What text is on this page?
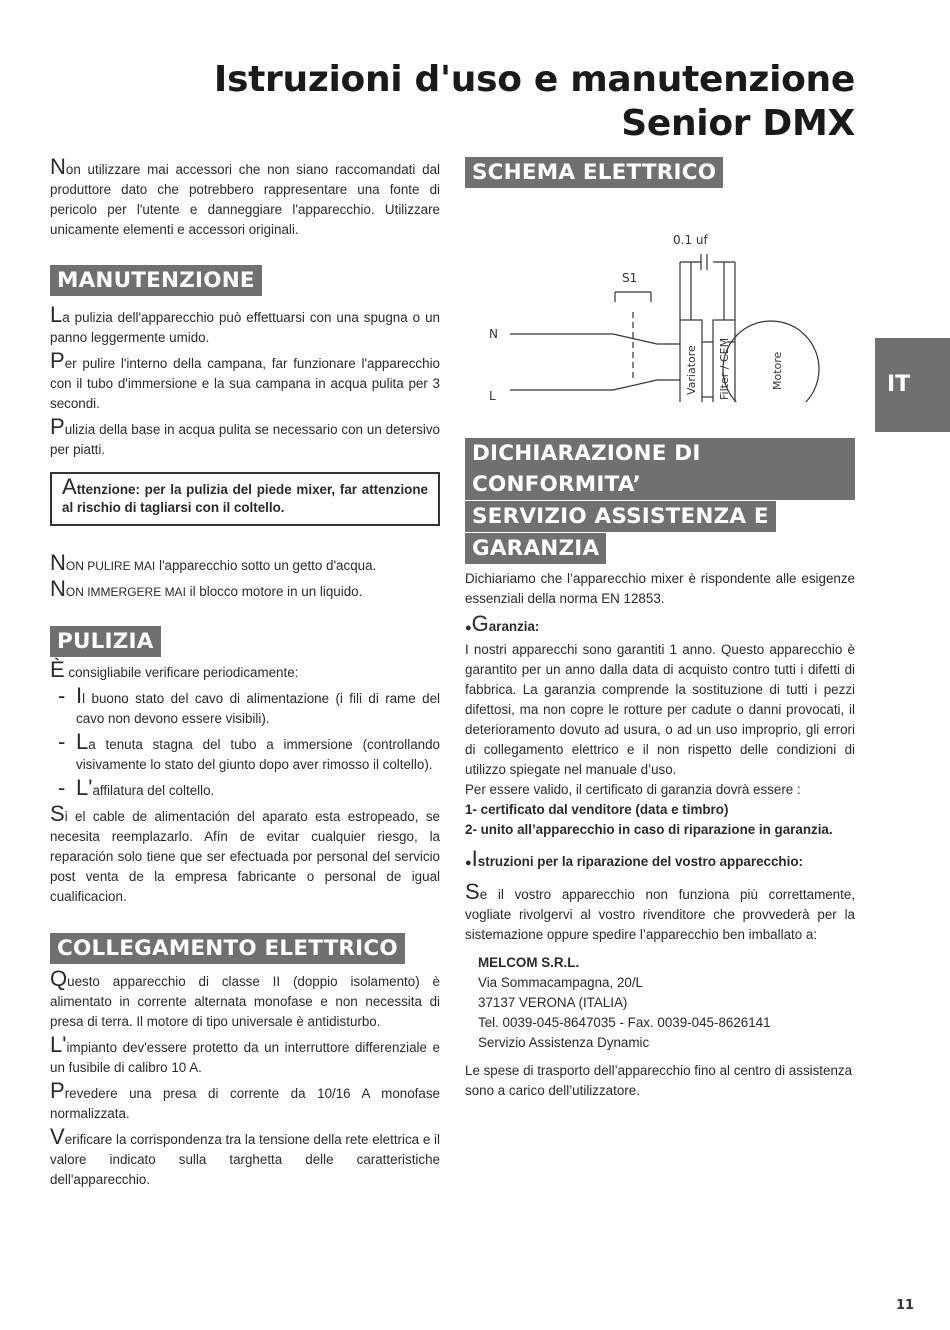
Istruzioni d'uso e manutenzione
Senior DMX

Non utilizzare mai accessori che non siano raccomandati dal produttore dato che potrebbero rappresentare una fonte di pericolo per l'utente e danneggiare l'apparecchio. Utilizzare unicamente elementi e accessori originali.

MANUTENZIONE

La pulizia dell'apparecchio può effettuarsi con una spugna o un panno leggermente umido.

Per pulire l'interno della campana, far funzionare l'apparecchio con il tubo d'immersione e la sua campana in acqua pulita per 3 secondi.

Pulizia della base in acqua pulita se necessario con un detersivo per piatti.

Attenzione: per la pulizia del piede mixer, far attenzione al rischio di tagliarsi con il coltello.

NON PULIRE MAI l'apparecchio sotto un getto d'acqua.

NON IMMERGERE MAI il blocco motore in un liquido.

PULIZIA

È consigliabile verificare periodicamente:

- Il buono stato del cavo di alimentazione (i fili di rame del cavo non devono essere visibili).
- La tenuta stagna del tubo a immersione (controllando visivamente lo stato del giunto dopo aver rimosso il coltello).
- L'affilatura del coltello.

Si el cable de alimentación del aparato esta estropeado, se necesita reemplazarlo. Afín de evitar cualquier riesgo, la reparación solo tiene que ser efectuada por personal del servicio post venta de la empresa fabricante o personal de igual cualificacion.

COLLEGAMENTO ELETTRICO

Questo apparecchio di classe II (doppio isolamento) è alimentato in corrente alternata monofase e non necessita di presa di terra. Il motore di tipo universale è antidisturbo.

L'impianto dev'essere protetto da un interruttore differenziale e un fusibile di calibro 10 A.

Prevedere una presa di corrente da 10/16 A monofase normalizzata.

Verificare la corrispondenza tra la tensione della rete elettrica e il valore indicato sulla targhetta delle caratteristiche dell'apparecchio.

SCHEMA ELETTRICO
0.1 uf
S1
N
L
Variatore Filter / CEM	Motore
DICHIARAZIONE DI CONFORMITA’
SERVIZIO ASSISTENZA E
GARANZIA

Dichiariamo che l’apparecchio mixer è rispondente alle esigenze essenziali della norma EN 12853.

●Garanzia:

I nostri apparecchi sono garantiti 1 anno. Questo apparecchio è garantito per un anno dalla data di acquisto contro tutti i difetti di fabbrica. La garanzia comprende la sostituzione di tutti i pezzi difettosi, ma non copre le rotture per cadute o danni provocati, il deterioramento dovuto ad usura, o ad un uso improprio, gli errori di collegamento elettrico e il non rispetto delle condizioni di utilizzo spiegate nel manuale d’uso.

Per essere valido, il certificato di garanzia dovrà essere :

1- certificato dal venditore (data e timbro)
2- unito all’apparecchio in caso di riparazione in garanzia.
●Istruzioni per la riparazione del vostro apparecchio:

Se il vostro apparecchio non funziona più correttamente, vogliate rivolgervi al vostro rivenditore che provvederà per la sistemazione oppure spedire l’apparecchio ben imballato a:

MELCOM S.R.L.
Via Sommacampagna, 20/L
37137 VERONA (ITALIA)
Tel. 0039-045-8647035 - Fax. 0039-045-8626141
Servizio Assistenza Dynamic

Le spese di trasporto dell’apparecchio fino al centro di assistenza sono a carico dell’utilizzatore.

IT
11
